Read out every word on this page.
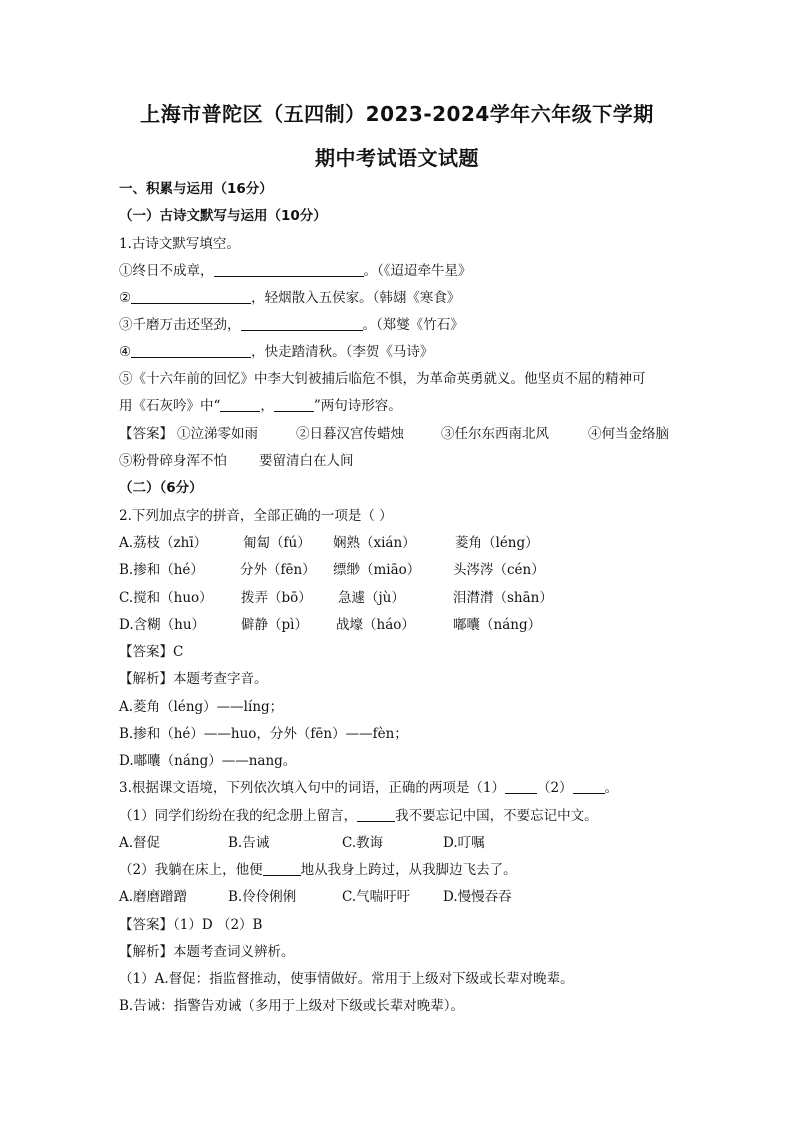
上海市普陀区（五四制）2023-2024学年六年级下学期
期中考试语文试题
一、积累与运用（16分）
（一）古诗文默写与运用（10分）
1.古诗文默写填空。
①终日不成章，	。（《迢迢牵牛星》
②	，轻烟散入五侯家。（韩翃《寒食》
③千磨万击还坚劲，	。（郑燮《竹石》
④	，快走踏清秋。（李贺《马诗》
⑤《十六年前的回忆》中李大钊被捕后临危不惧，为革命英勇就义。他坚贞不屈的精神可
用《石灰吟》中“	，	”两句诗形容。
【答案】 ①泣涕零如雨	②日暮汉宫传蜡烛	③任尔东西南北风	④何当金络脑
⑤粉骨碎身浑不怕 要留清白在人间
（二）（6分）
2.下列加点字的拼音，全部正确的一项是（ ）
A.荔枝（zhī）	匍匐（fú） 娴熟（xián）	菱角（léng）
B.掺和（hé）	分外（fēn） 缥缈（miāo） 头涔涔（cén）
C.搅和（huo） 拨弄（bō） 急遽（jù）	泪潸潸（shān）
D.含糊（hu）	僻静（pì） 战壕（háo）	嘟囔（náng）
【答案】C
【解析】本题考查字音。
A.菱角（léng）——líng；
B.掺和（hé）——huo，分外（fēn）——fèn；
D.嘟囔（náng）——nang。
3.根据课文语境，下列依次填入句中的词语，正确的两项是（1） （2） 。
（1）同学们纷纷在我的纪念册上留言，	我不要忘记中国，不要忘记中文。
A.督促	B.告诫	C.教诲	D.叮嘱
（2）我躺在床上，他便	地从我身上跨过，从我脚边飞去了。
A.磨磨蹭蹭	B.伶伶俐俐	C.气喘吁吁 D.慢慢吞吞
【答案】（1）D （2）B
【解析】本题考查词义辨析。
（1）A.督促：指监督推动，使事情做好。常用于上级对下级或长辈对晚辈。
B.告诫：指警告劝诫（多用于上级对下级或长辈对晚辈）。
